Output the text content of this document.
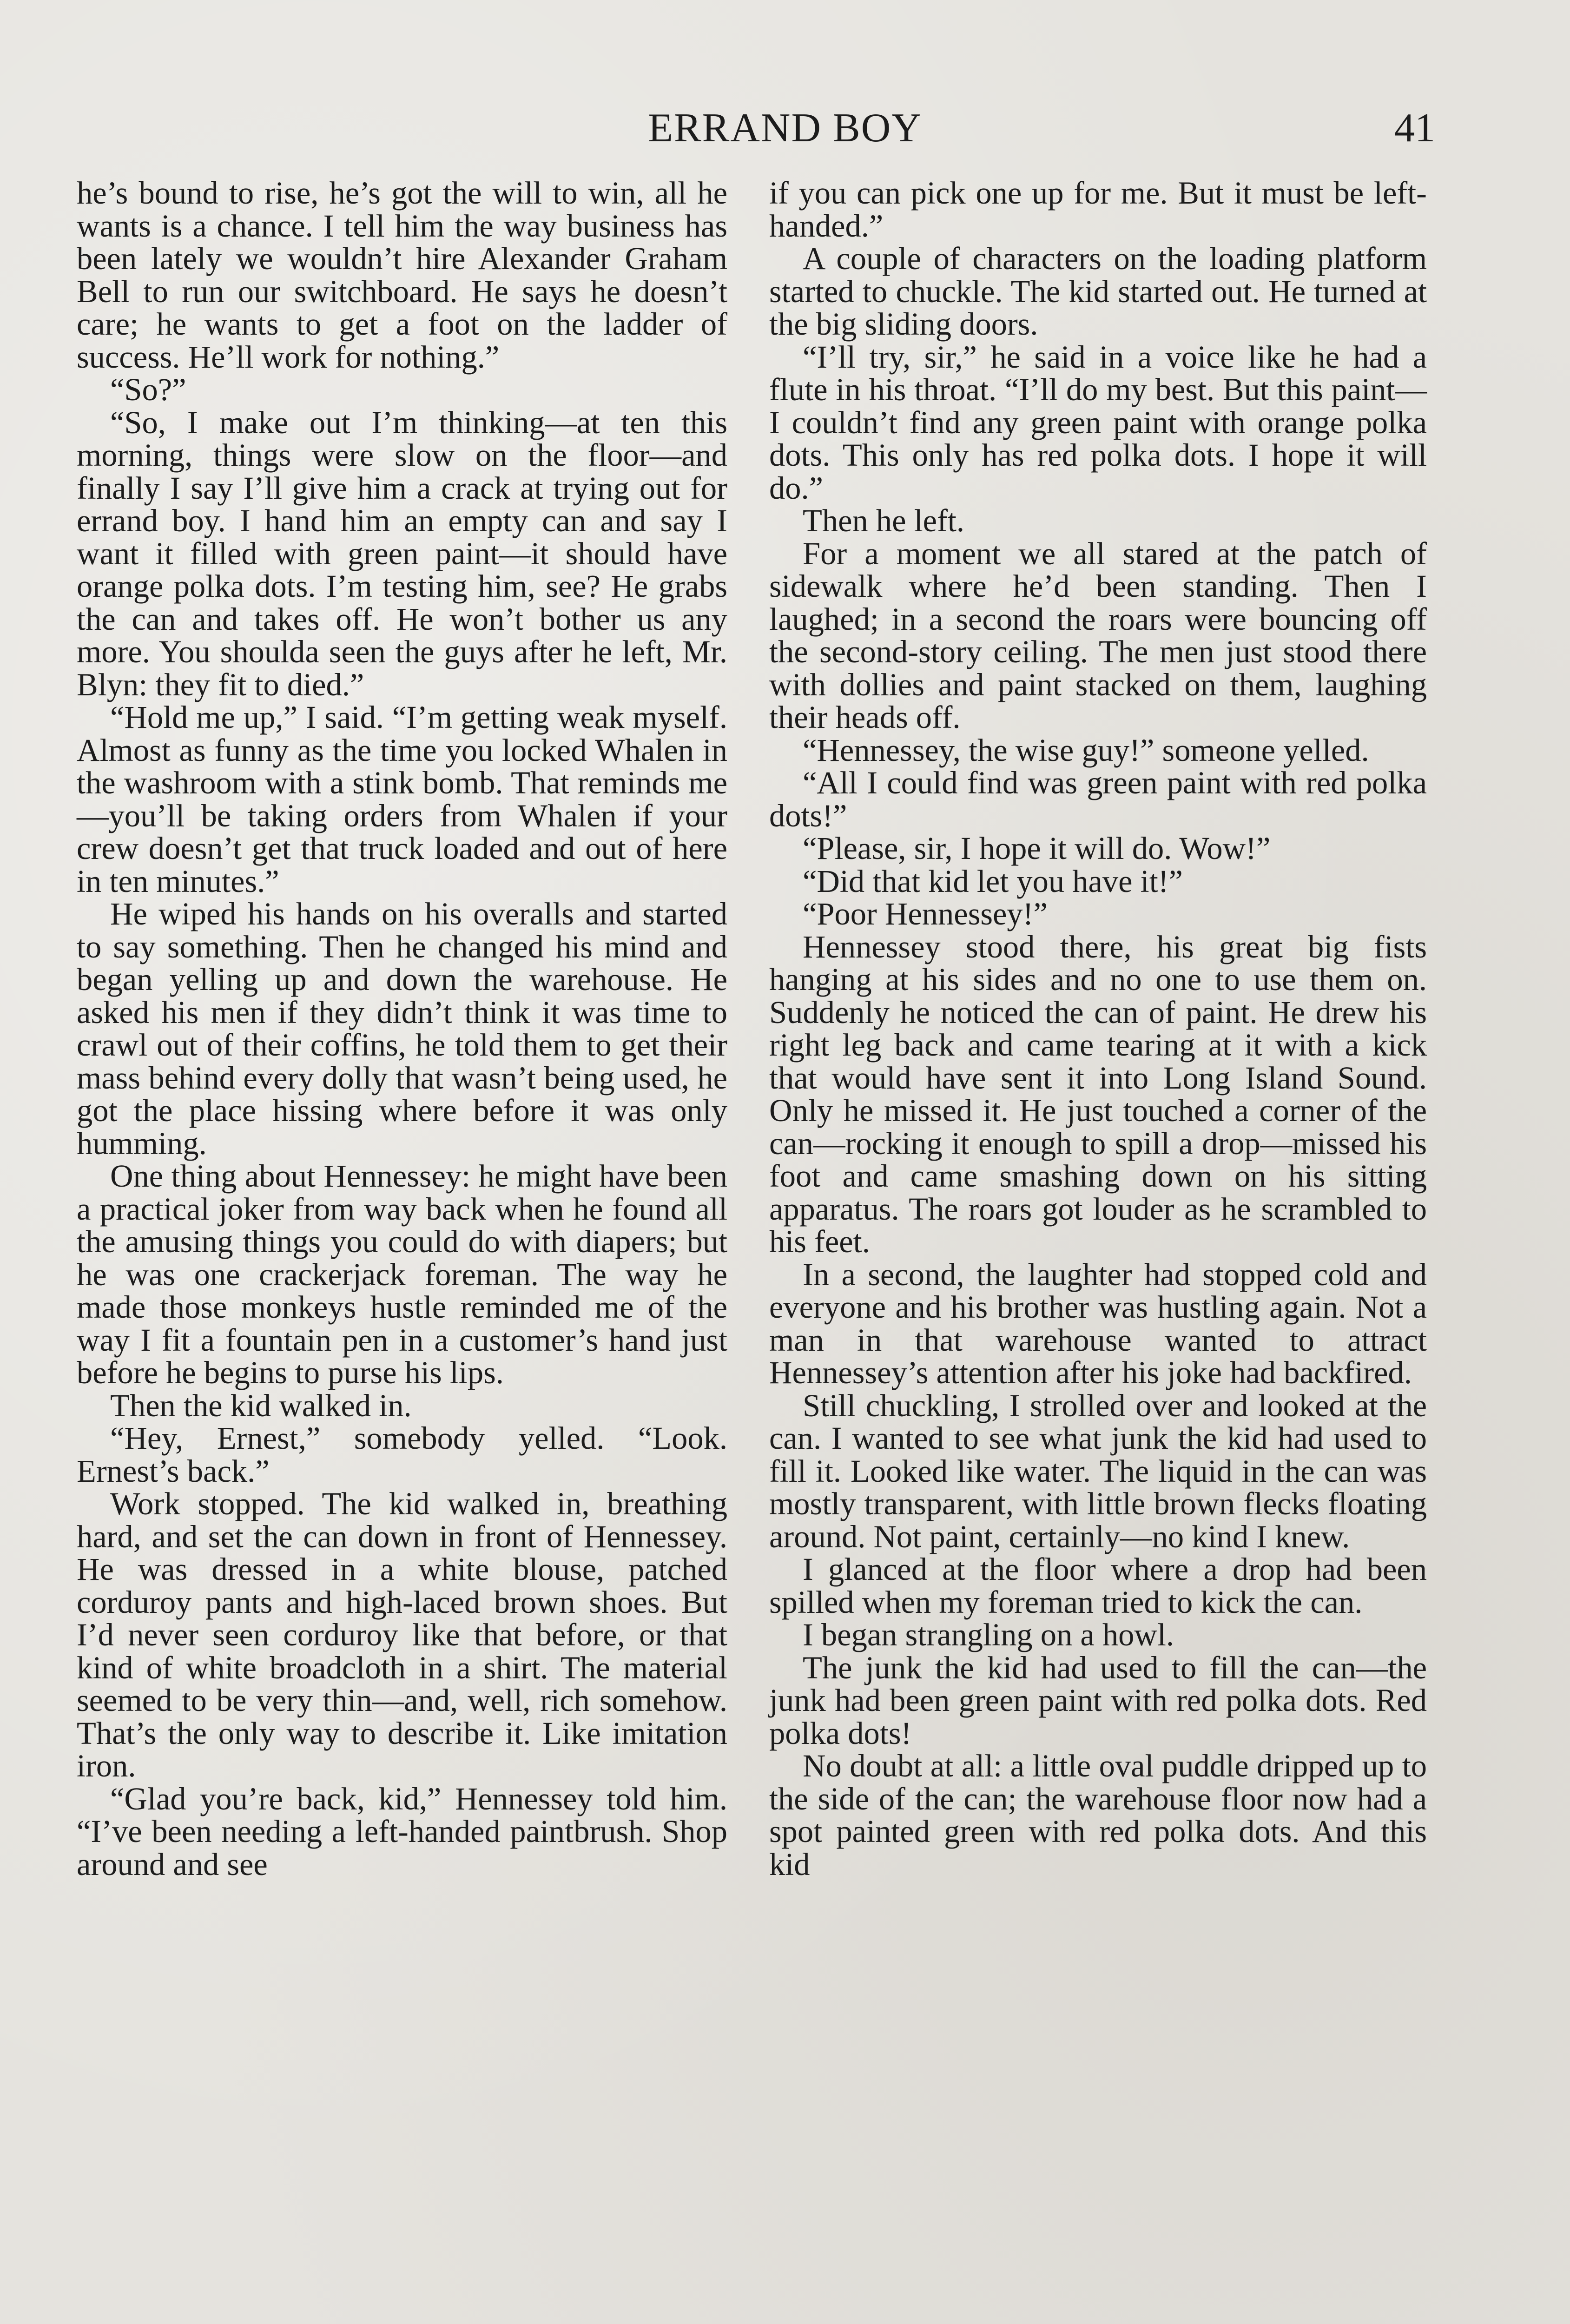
ERRAND BOY	41

he’s bound to rise, he’s got the will to win, all he wants is a chance. I tell him the way business has been lately we wouldn’t hire Alexander Graham Bell to run our switchboard. He says he doesn’t care; he wants to get a foot on the ladder of success. He’ll work for nothing.”

“So?”

“So, I make out I’m thinking—at ten this morning, things were slow on the floor—and finally I say I’ll give him a crack at trying out for errand boy. I hand him an empty can and say I want it filled with green paint—it should have orange polka dots. I’m testing him, see? He grabs the can and takes off. He won’t bother us any more. You shoulda seen the guys after he left, Mr. Blyn: they fit to died.”

“Hold me up,” I said. “I’m getting weak myself. Almost as funny as the time you locked Whalen in the washroom with a stink bomb. That reminds me—you’ll be taking orders from Whalen if your crew doesn’t get that truck loaded and out of here in ten minutes.”

He wiped his hands on his overalls and started to say something. Then he changed his mind and began yelling up and down the warehouse. He asked his men if they didn’t think it was time to crawl out of their coffins, he told them to get their mass behind every dolly that wasn’t being used, he got the place hissing where before it was only humming.

One thing about Hennessey: he might have been a practical joker from way back when he found all the amusing things you could do with diapers; but he was one crackerjack foreman. The way he made those monkeys hustle reminded me of the way I fit a fountain pen in a customer’s hand just before he begins to purse his lips.

Then the kid walked in.

“Hey, Ernest,” somebody yelled. “Look. Ernest’s back.”

Work stopped. The kid walked in, breathing hard, and set the can down in front of Hennessey. He was dressed in a white blouse, patched corduroy pants and high-laced brown shoes. But I’d never seen corduroy like that before, or that kind of white broadcloth in a shirt. The material seemed to be very thin—and, well, rich somehow. That’s the only way to describe it. Like imitation iron.

“Glad you’re back, kid,” Hennessey told him. “I’ve been needing a left-handed paintbrush. Shop around and see

if you can pick one up for me. But it must be left-handed.”

A couple of characters on the loading platform started to chuckle. The kid started out. He turned at the big sliding doors.

“I’ll try, sir,” he said in a voice like he had a flute in his throat. “I’ll do my best. But this paint—I couldn’t find any green paint with orange polka dots. This only has red polka dots. I hope it will do.”

Then he left.

For a moment we all stared at the patch of sidewalk where he’d been standing. Then I laughed; in a second the roars were bouncing off the second-story ceiling. The men just stood there with dollies and paint stacked on them, laughing their heads off.

“Hennessey, the wise guy!” someone yelled.

“All I could find was green paint with red polka dots!”

“Please, sir, I hope it will do. Wow!”

“Did that kid let you have it!”

“Poor Hennessey!”

Hennessey stood there, his great big fists hanging at his sides and no one to use them on. Suddenly he noticed the can of paint. He drew his right leg back and came tearing at it with a kick that would have sent it into Long Island Sound. Only he missed it. He just touched a corner of the can—rocking it enough to spill a drop—missed his foot and came smashing down on his sitting apparatus. The roars got louder as he scrambled to his feet.

In a second, the laughter had stopped cold and everyone and his brother was hustling again. Not a man in that warehouse wanted to attract Hennessey’s attention after his joke had backfired.

Still chuckling, I strolled over and looked at the can. I wanted to see what junk the kid had used to fill it. Looked like water. The liquid in the can was mostly transparent, with little brown flecks floating around. Not paint, certainly—no kind I knew.

I glanced at the floor where a drop had been spilled when my foreman tried to kick the can.

I began strangling on a howl.

The junk the kid had used to fill the can—the junk had been green paint with red polka dots. Red polka dots!

No doubt at all: a little oval puddle dripped up to the side of the can; the warehouse floor now had a spot painted green with red polka dots. And this kid
